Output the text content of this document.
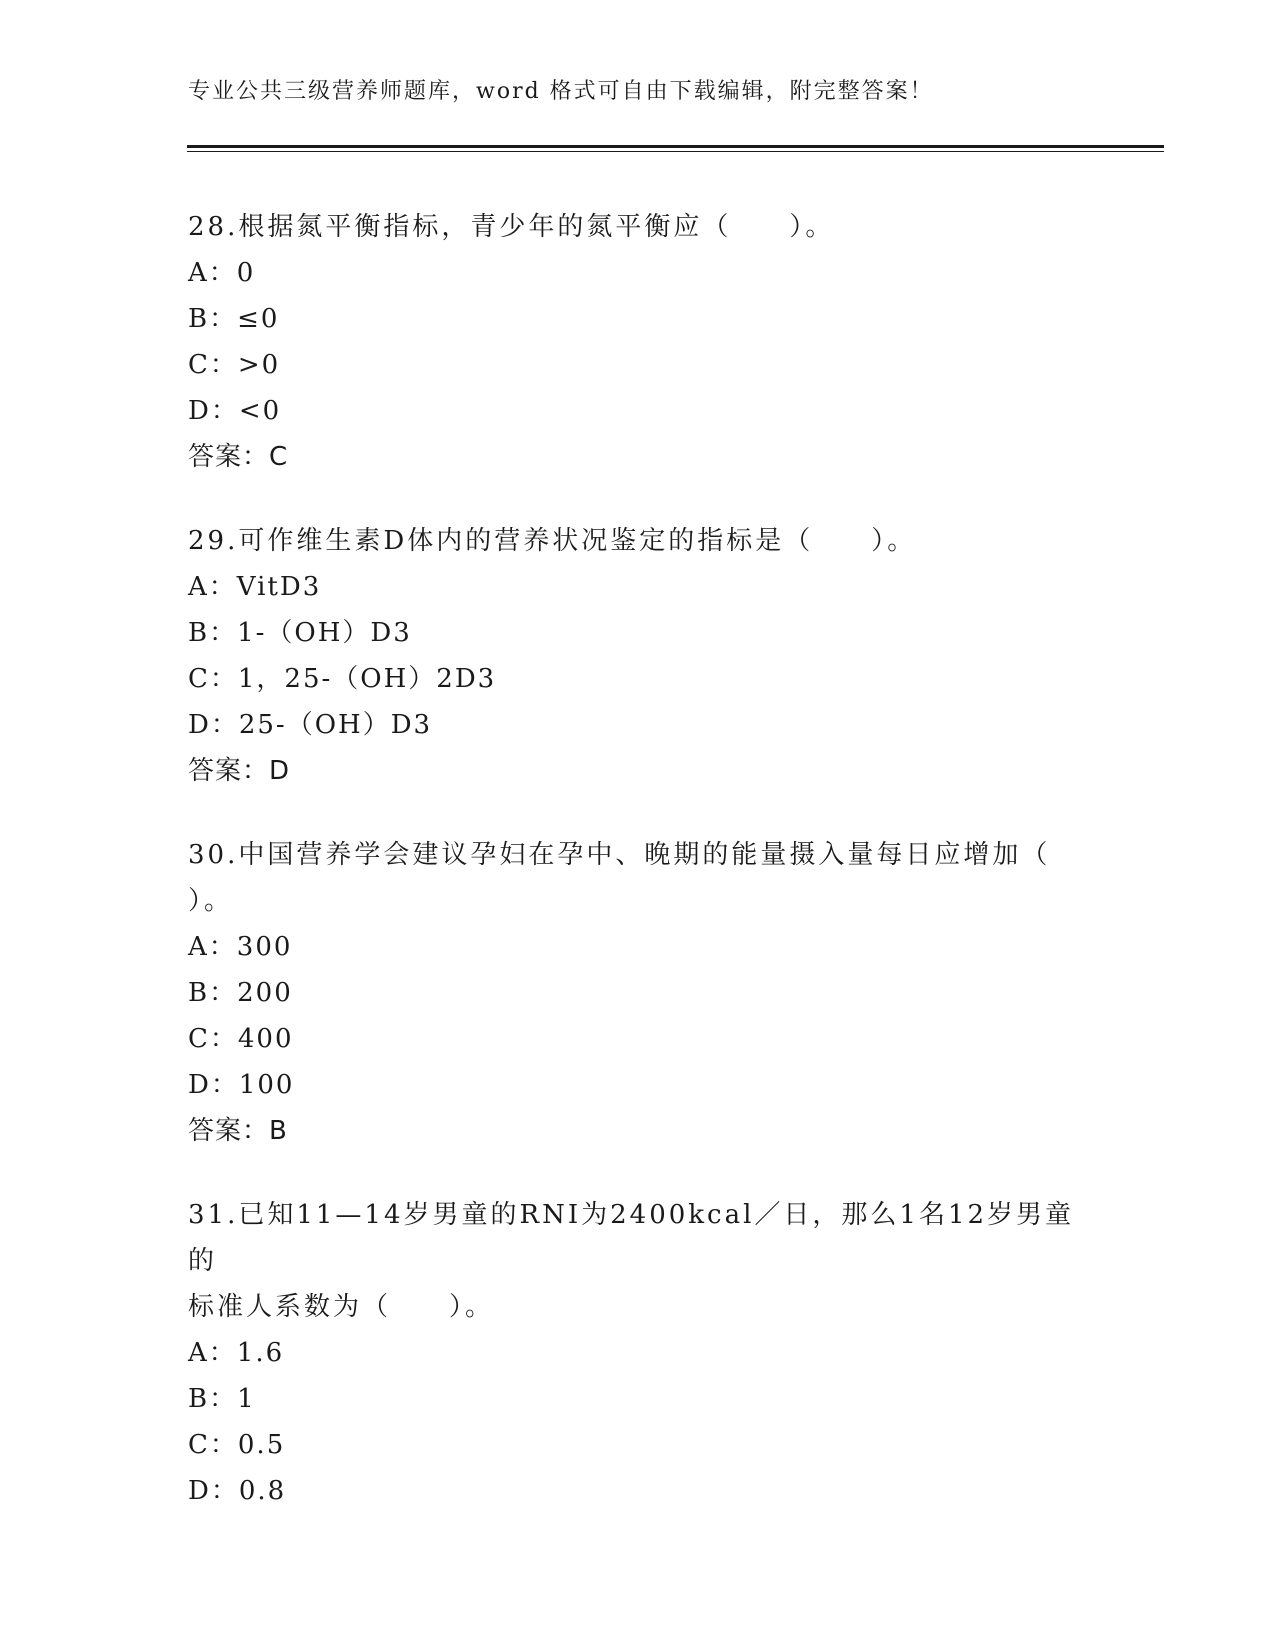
专业公共三级营养师题库，word 格式可自由下载编辑，附完整答案！
28.根据氮平衡指标，青少年的氮平衡应（　　）。
A：0
B：≤0
C：>0
D：<0
答案：C
29.可作维生素D体内的营养状况鉴定的指标是（　　）。
A：VitD3
B：1-（OH）D3
C：1，25-（OH）2D3
D：25-（OH）D3
答案：D
30.中国营养学会建议孕妇在孕中、晚期的能量摄入量每日应增加（
）。
A：300
B：200
C：400
D：100
答案：B
31.已知11—14岁男童的RNI为2400kcal／日，那么1名12岁男童的
标准人系数为（　　）。
A：1.6
B：1
C：0.5
D：0.8
